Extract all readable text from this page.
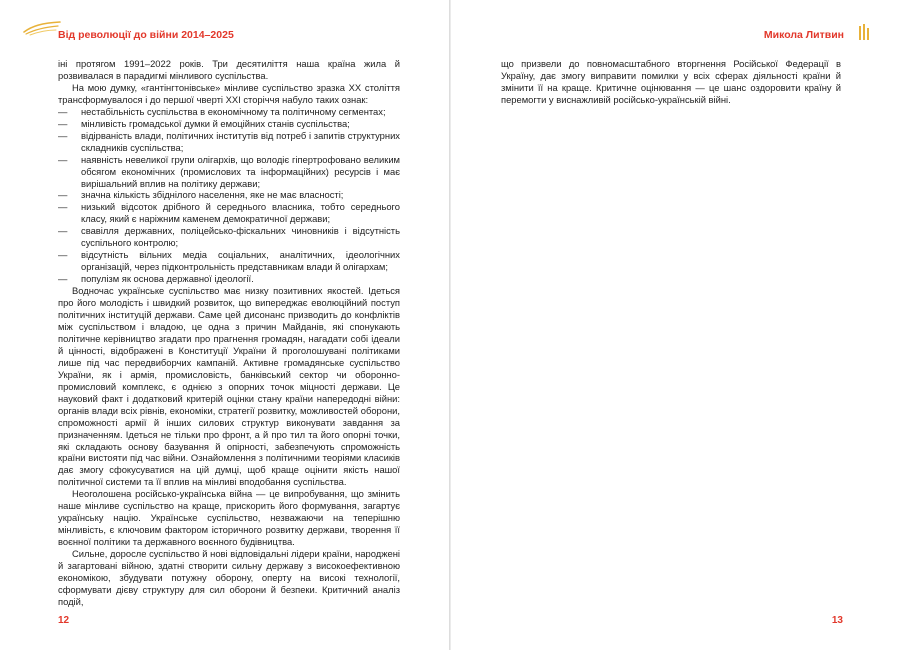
Від революції до війни 2014–2025

іні протягом 1991–2022 років. Три десятиліття наша країна жила й розвивалася в парадигмі мінливого суспільства.

На мою думку, «гантінгтонівське» мінливе суспільство зразка ХХ століття трансформувалося і до першої чверті ХХІ сторіччя набуло таких ознак:

— нестабільність суспільства в економічному та політичному сегментах;
— мінливість громадської думки й емоційних станів суспільства;
— відірваність влади, політичних інститутів від потреб і запитів структурних складників суспільства;
— наявність невеликої групи олігархів, що володіє гіпертрофовано великим обсягом економічних (промислових та інформаційних) ресурсів і має вирішальний вплив на політику держави;
— значна кількість збіднілого населення, яке не має власності;
— низький відсоток дрібного й середнього власника, тобто середнього класу, який є наріжним каменем демократичної держави;
— свавілля державних, поліцейсько-фіскальних чиновників і відсутність суспільного контролю;
— відсутність вільних медіа соціальних, аналітичних, ідеологічних організацій, через підконтрольність представникам влади й олігархам;
— популізм як основа державної ідеології.

Водночас українське суспільство має низку позитивних якостей. Ідеться про його молодість і швидкий розвиток, що випереджає еволюційний поступ політичних інституцій держави. Саме цей дисонанс призводить до конфліктів між суспільством і владою, це одна з причин Майданів, які спонукають політичне керівництво згадати про прагнення громадян, нагадати собі ідеали й цінності, відображені в Конституції України й проголошувані політиками лише під час передвиборчих кампаній. Активне громадянське суспільство України, як і армія, промисловість, банківський сектор чи оборонно-промисловий комплекс, є однією з опорних точок міцності держави. Це науковий факт і додатковий критерій оцінки стану країни напередодні війни: органів влади всіх рівнів, економіки, стратегії розвитку, можливостей оборони, спроможності армії й інших силових структур виконувати завдання за призначенням. Ідеться не тільки про фронт, а й про тил та його опорні точки, які складають основу базування й опірності, забезпечують спроможність країни вистояти під час війни. Ознайомлення з політичними теоріями класиків дає змогу сфокусуватися на цій думці, щоб краще оцінити якість нашої політичної системи та її вплив на мінливі вподобання суспільства.

Неоголошена російсько-українська війна — це випробування, що змінить наше мінливе суспільство на краще, прискорить його формування, загартує українську націю. Українське суспільство, незважаючи на теперішню мінливість, є ключовим фактором історичного розвитку держави, творення її воєнної політики та державного воєнного будівництва.

Сильне, доросле суспільство й нові відповідальні лідери країни, народжені й загартовані війною, здатні створити сильну державу з високоефективною економікою, збудувати потужну оборону, оперту на високі технології, сформувати дієву структуру для сил оборони й безпеки. Критичний аналіз подій,

12
Микола Литвин

що призвели до повномасштабного вторгнення Російської Федерації в Україну, дає змогу виправити помилки у всіх сферах діяльності країни й змінити її на краще. Критичне оцінювання — це шанс оздоровити країну й перемогти у виснажливій російсько-українській війні.

13
